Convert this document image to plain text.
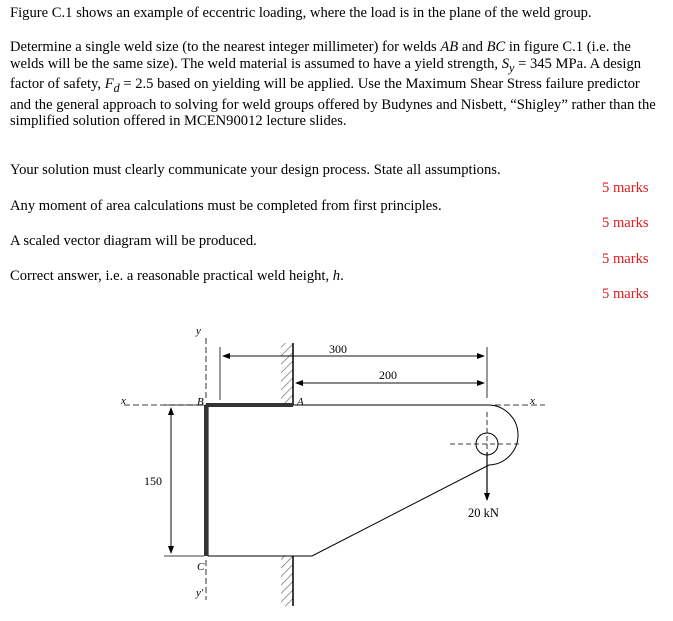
Figure C.1 shows an example of eccentric loading, where the load is in the plane of the weld group.

Determine a single weld size (to the nearest integer millimeter) for welds AB and BC in figure C.1 (i.e. the welds will be the same size). The weld material is assumed to have a yield strength, $S_y = 345$ MPa. A design factor of safety, $F_d = 2.5$ based on yielding will be applied. Use the Maximum Shear Stress failure predictor and the general approach to solving for weld groups offered by Budynes and Nisbett, “Shigley” rather than the simplified solution offered in MCEN90012 lecture slides.

Your solution must clearly communicate your design process. State all assumptions.

5 marks

Any moment of area calculations must be completed from first principles.

5 marks

A scaled vector diagram will be produced.

5 marks

Correct answer, i.e. a reasonable practical weld height, h.

5 marks
20 kN
x	x
y
y'
A
B
C
300
200
150
